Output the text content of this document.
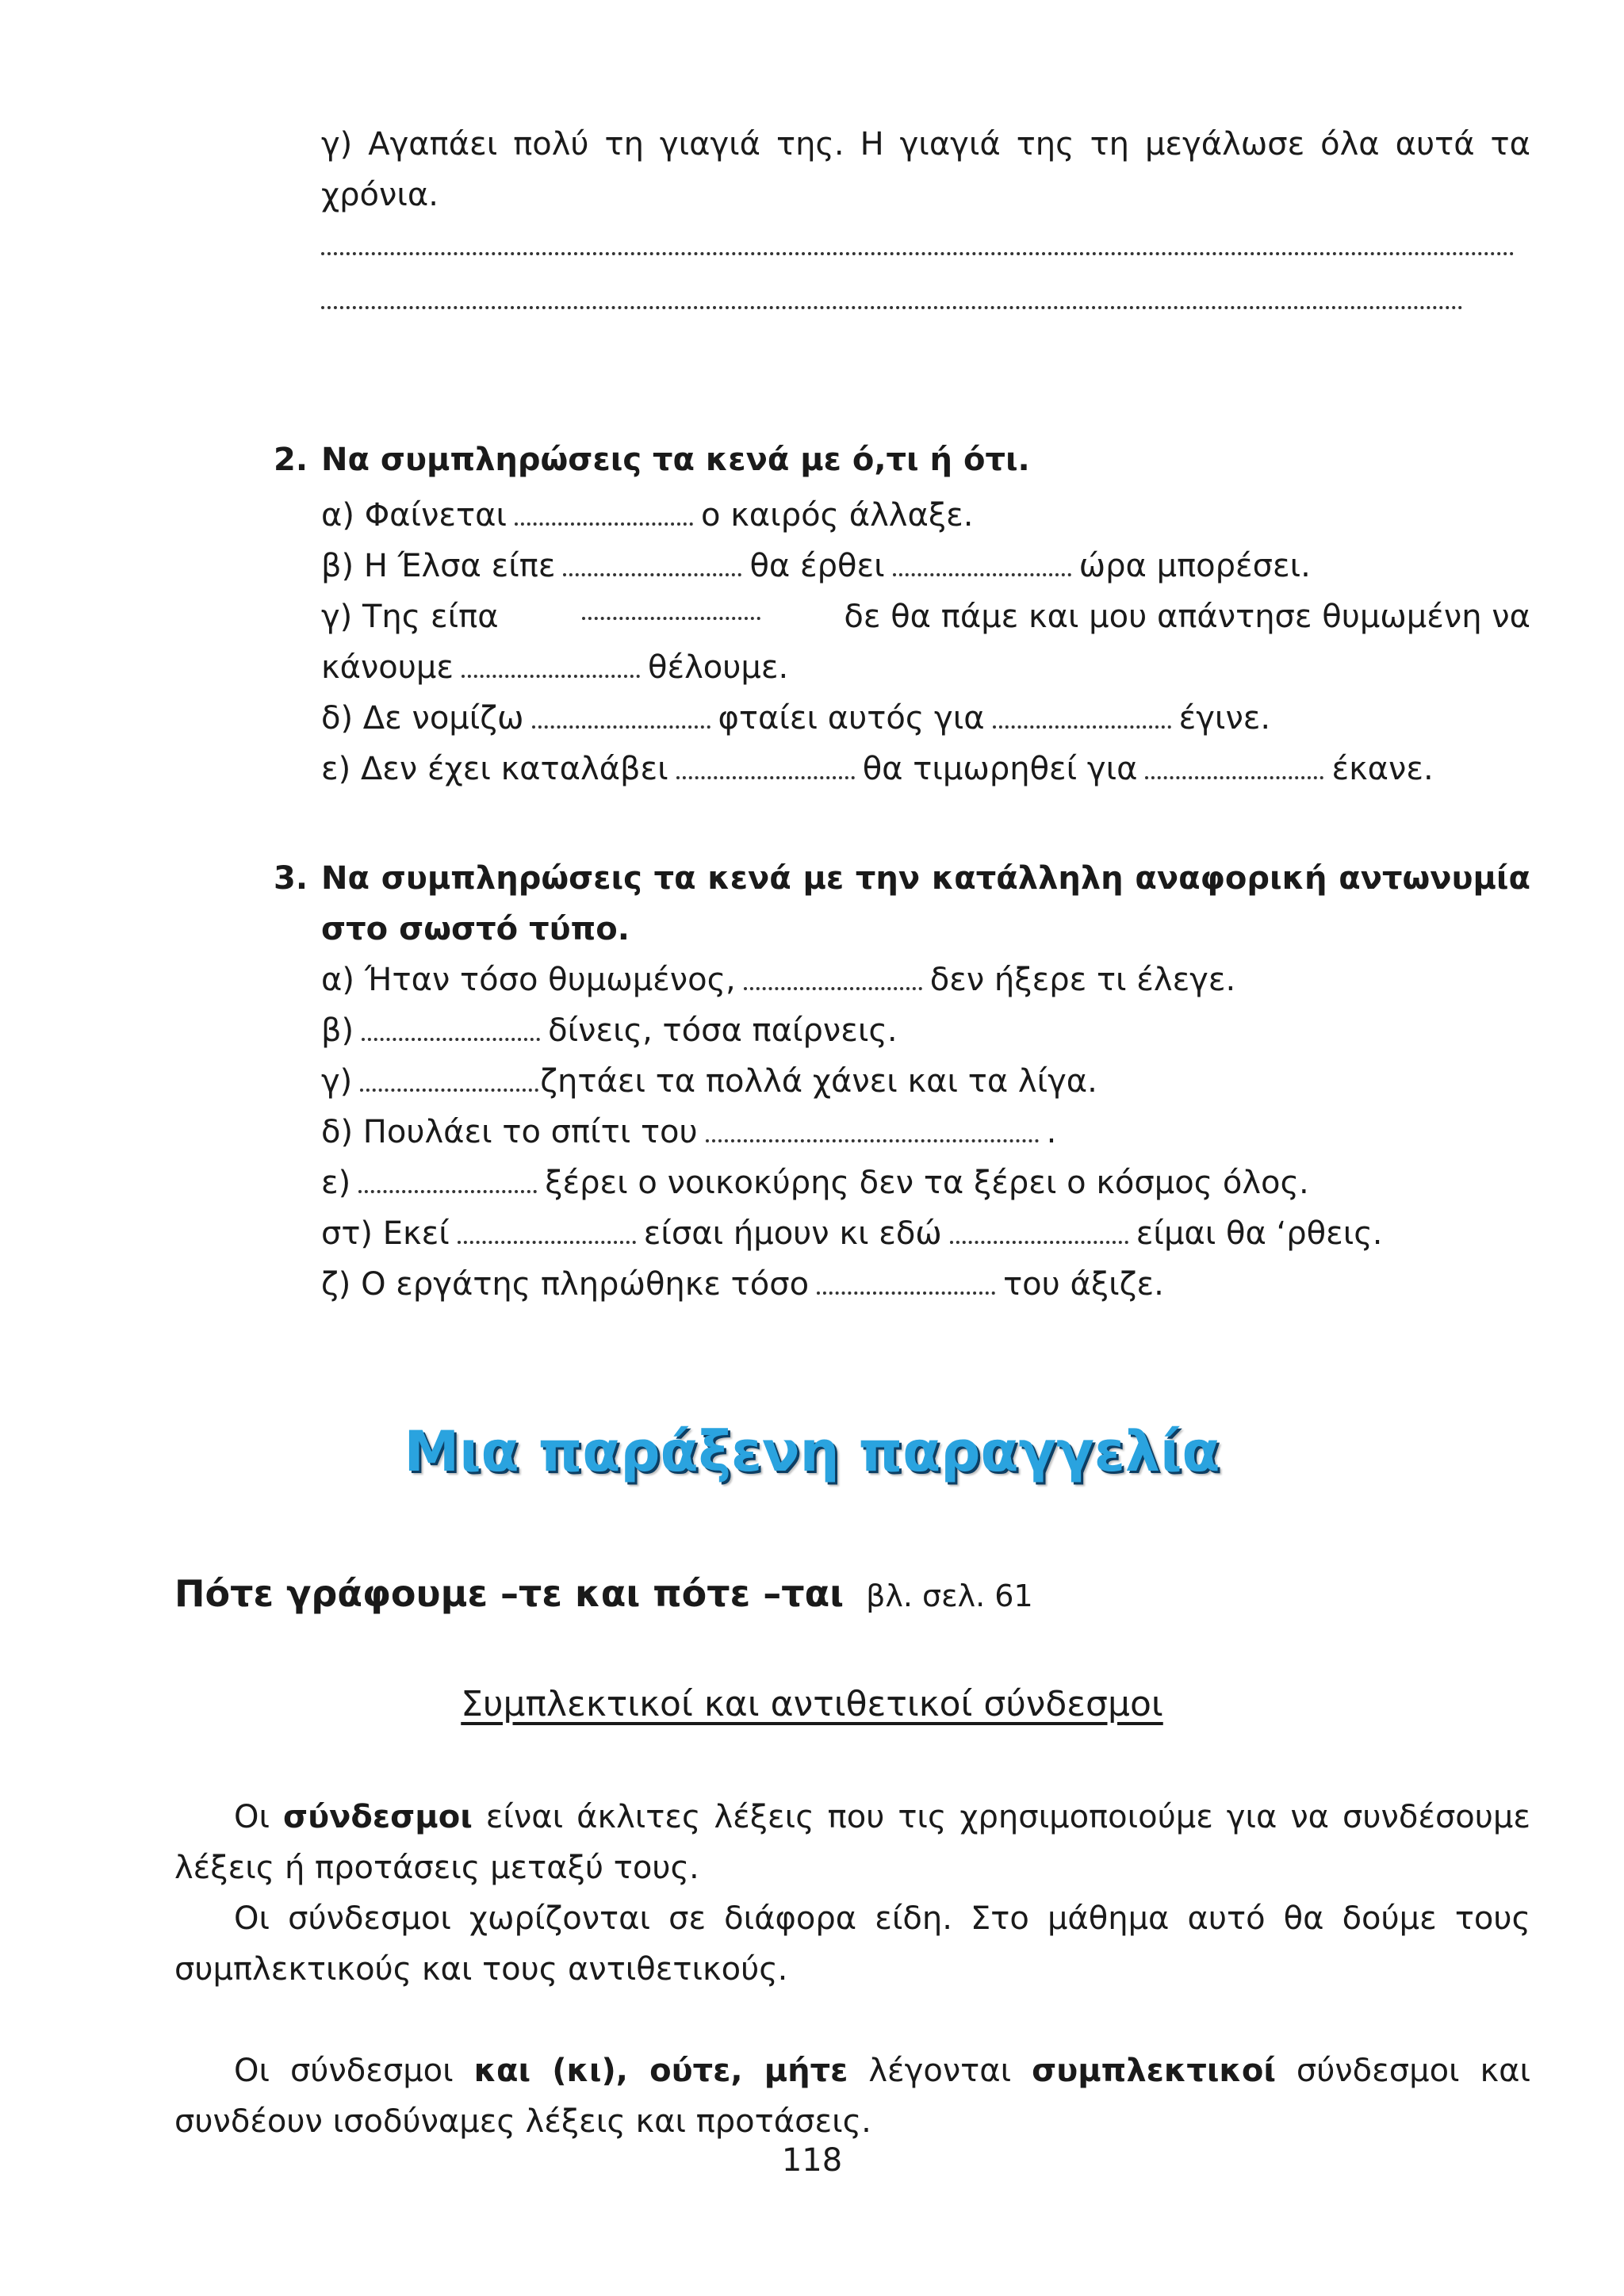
γ) Αγαπάει πολύ τη γιαγιά της. Η γιαγιά της τη μεγάλωσε όλα αυτά τα
χρόνια.
2. Να συμπληρώσεις τα κενά με ό,τι ή ότι.
α) Φαίνεται	ο καιρός άλλαξε.
β) Η Έλσα είπε	θα έρθει	ώρα μπορέσει.
γ) Της είπα	δε θα πάμε και μου απάντησε θυμωμένη να
κάνουμε	θέλουμε.
δ) Δε νομίζω	φταίει αυτός για	έγινε.
ε) Δεν έχει καταλάβει	θα τιμωρηθεί για	έκανε.
3. Να συμπληρώσεις τα κενά με την κατάλληλη αναφορική αντωνυμία
στο σωστό τύπο.
α) Ήταν τόσο θυμωμένος,	δεν ήξερε τι έλεγε.
β)	δίνεις, τόσα παίρνεις.
γ)	ζητάει τα πολλά χάνει και τα λίγα.
δ) Πουλάει το σπίτι του	.
ε)	ξέρει ο νοικοκύρης δεν τα ξέρει ο κόσμος όλος.
στ) Εκεί	είσαι ήμουν κι εδώ	είμαι θα ‘ρθεις.
ζ) Ο εργάτης πληρώθηκε τόσο	του άξιζε.
Μια παράξενη παραγγελία
Πότε γράφουμε –τε και πότε –ται βλ. σελ. 61
Συμπλεκτικοί και αντιθετικοί σύνδεσμοι
Οι σύνδεσμοι είναι άκλιτες λέξεις που τις χρησιμοποιούμε για να συνδέσουμε λέξεις ή προτάσεις μεταξύ τους.
Οι σύνδεσμοι χωρίζονται σε διάφορα είδη. Στο μάθημα αυτό θα δούμε τους συμπλεκτικούς και τους αντιθετικούς.
Οι σύνδεσμοι και (κι), ούτε, μήτε λέγονται συμπλεκτικοί σύνδεσμοι και συνδέουν ισοδύναμες λέξεις και προτάσεις.
118
